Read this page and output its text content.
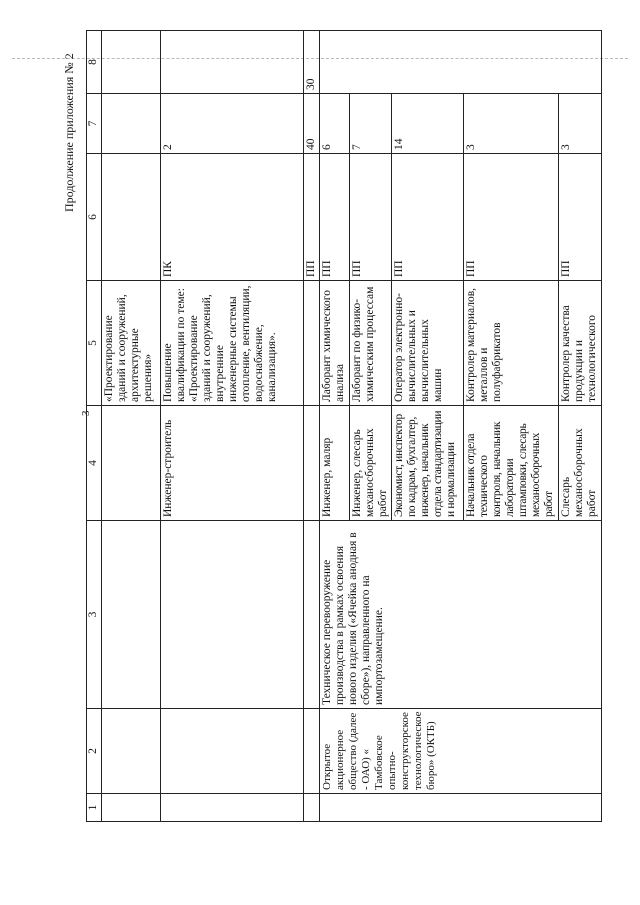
3
Продолжение приложения № 2
1	2	3	4	5	6	7	8
				«Проектирование зданий и сооружений, архитектурные решения»			
			Инженер-строитель	Повышение квалификации по теме: «Проектирование зданий и сооружений, внутренние инженерные системы отопление, вентиляции, водоснабжение, канализация».	ПК	2	
					ПП	40	30
	Открытое акционерное общество (далее - ОАО) « Тамбовское опытно-конструкторское технологическое бюро» (ОКТБ)	Техническое перевооружение производства в рамках освоения нового изделия («Ячейка анодная в сборе»), направленного на импортозамещение.	Инженер, маляр	Лаборант химического анализа	ПП	6	
			Инженер, слесарь механосборочных работ	Лаборант по физико-химическим процессам	ПП	7	
			Экономист, инспектор по кадрам, бухгалтер, инженер, начальник отдела стандартизации и нормализации	Оператор электронно-вычислительных и вычислительных машин	ПП	14	
			Начальник отдела технического контроля, начальник лаборатории штамповки, слесарь механосборочных работ	Контролер материалов, металлов и полуфабрикатов	ПП	3	
			Слесарь механосборочных работ	Контролер качества продукции и технологического	ПП	3	
